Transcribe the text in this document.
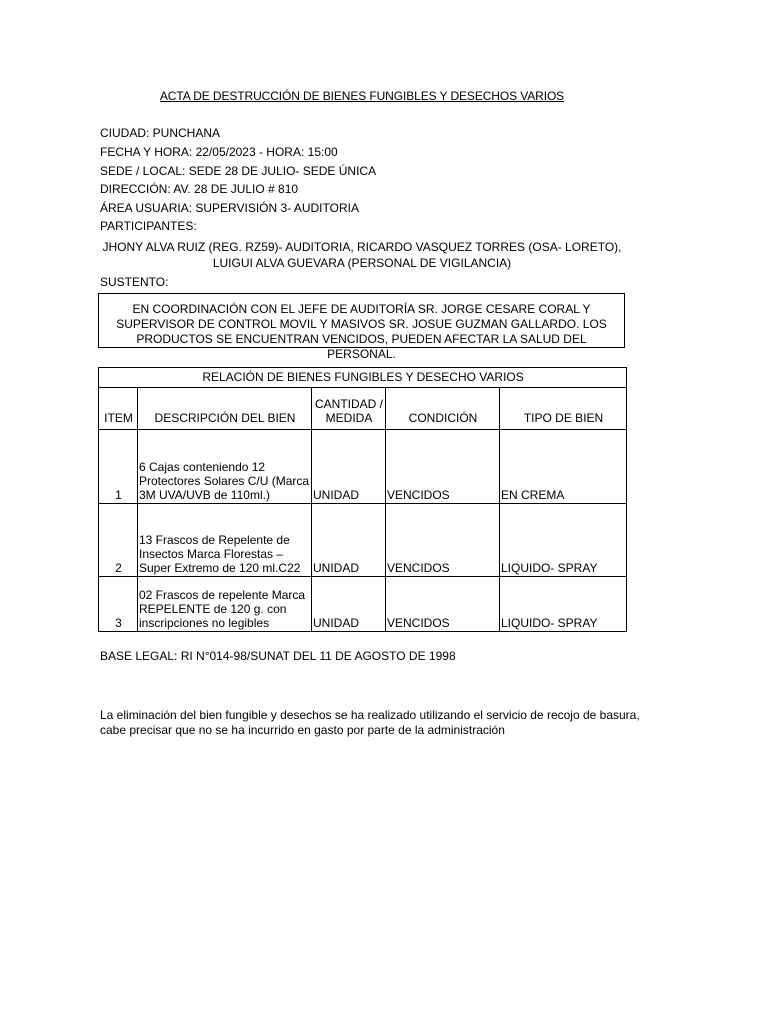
ACTA DE DESTRUCCIÓN DE BIENES FUNGIBLES Y DESECHOS VARIOS
CIUDAD: PUNCHANA
FECHA Y HORA: 22/05/2023 - HORA: 15:00
SEDE / LOCAL: SEDE 28 DE JULIO- SEDE ÚNICA
DIRECCIÓN: AV. 28 DE JULIO # 810
ÁREA USUARIA: SUPERVISIÓN 3- AUDITORIA
PARTICIPANTES:
JHONY ALVA RUIZ (REG. RZ59)- AUDITORIA, RICARDO VASQUEZ TORRES (OSA- LORETO),
LUIGUI ALVA GUEVARA (PERSONAL DE VIGILANCIA)
SUSTENTO:
EN COORDINACIÓN CON EL JEFE DE AUDITORÍA SR. JORGE CESARE CORAL Y SUPERVISOR DE CONTROL MOVIL Y MASIVOS SR. JOSUE GUZMAN GALLARDO. LOS PRODUCTOS SE ENCUENTRAN VENCIDOS, PUEDEN AFECTAR LA SALUD DEL PERSONAL.
RELACIÓN DE BIENES FUNGIBLES Y DESECHO VARIOS				
ITEM	DESCRIPCIÓN DEL BIEN	CANTIDAD / MEDIDA	CONDICIÓN	TIPO DE BIEN
1	6 Cajas conteniendo 12 Protectores Solares C/U (Marca 3M UVA/UVB de 110ml.)	UNIDAD	VENCIDOS	EN CREMA
2	13 Frascos de Repelente de Insectos Marca Florestas – Super Extremo de 120 ml.C22	UNIDAD	VENCIDOS	LIQUIDO- SPRAY
3	02 Frascos de repelente Marca REPELENTE de 120 g. con inscripciones no legibles	UNIDAD	VENCIDOS	LIQUIDO- SPRAY
BASE LEGAL: RI N°014-98/SUNAT DEL 11 DE AGOSTO DE 1998
La eliminación del bien fungible y desechos se ha realizado utilizando el servicio de recojo de basura, cabe precisar que no se ha incurrido en gasto por parte de la administración
